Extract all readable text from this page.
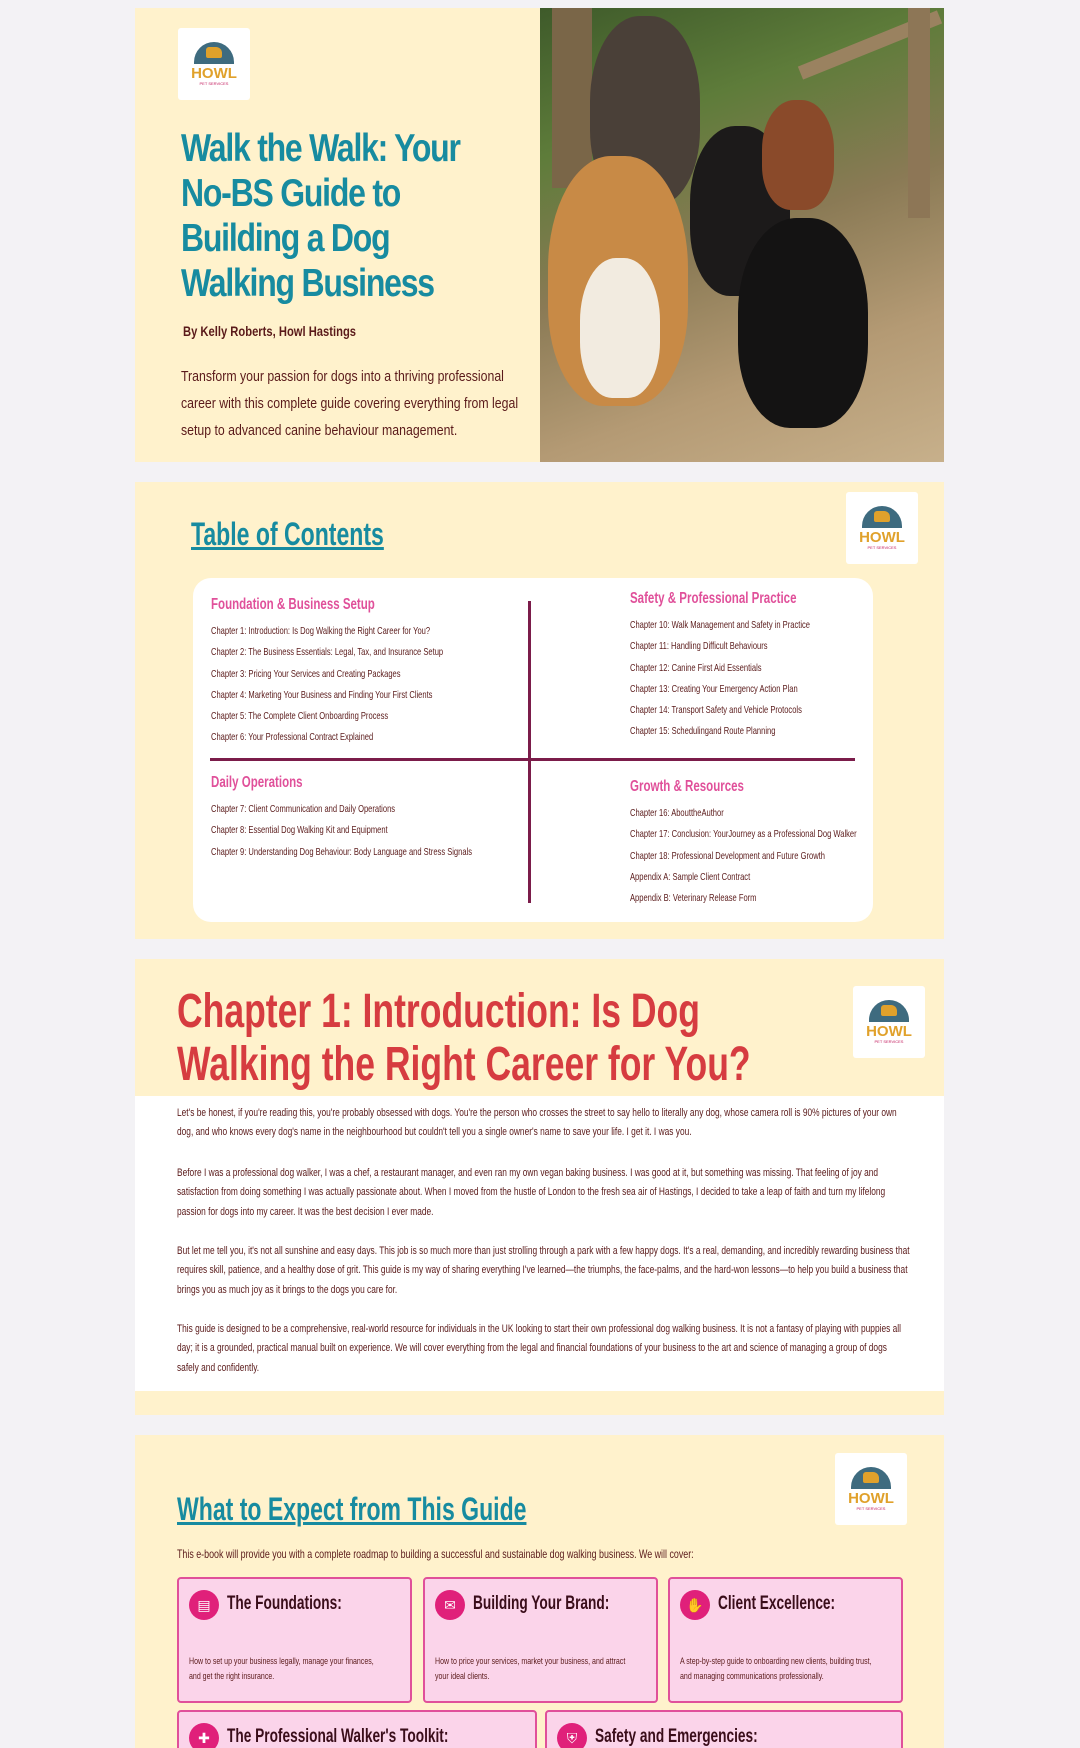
HOWL
PET SERVICES
Walk the Walk: Your No-BS Guide to Building a Dog Walking Business
By Kelly Roberts, Howl Hastings

Transform your passion for dogs into a thriving professional career with this complete guide covering everything from legal setup to advanced canine behaviour management.

Table of Contents	HOWL
PET SERVICES
Foundation & Business Setup
Chapter 1: Introduction: Is Dog Walking the Right Career for You?
Chapter 2: The Business Essentials: Legal, Tax, and Insurance Setup
Chapter 3: Pricing Your Services and Creating Packages
Chapter 4: Marketing Your Business and Finding Your First Clients
Chapter 5: The Complete Client Onboarding Process
Chapter 6: Your Professional Contract Explained
Safety & Professional Practice
Chapter 10: Walk Management and Safety in Practice
Chapter 11: Handling Difficult Behaviours
Chapter 12: Canine First Aid Essentials
Chapter 13: Creating Your Emergency Action Plan
Chapter 14: Transport Safety and Vehicle Protocols
Chapter 15: Schedulingand Route Planning
Daily Operations
Chapter 7: Client Communication and Daily Operations
Chapter 8: Essential Dog Walking Kit and Equipment
Chapter 9: Understanding Dog Behaviour: Body Language and Stress Signals
Growth & Resources
Chapter 16: AbouttheAuthor
Chapter 17: Conclusion: YourJourney as a Professional Dog Walker
Chapter 18: Professional Development and Future Growth
Appendix A: Sample Client Contract
Appendix B: Veterinary Release Form
Chapter 1: Introduction: Is Dog Walking the Right Career for You?
HOWL
PET SERVICES

Let's be honest, if you're reading this, you're probably obsessed with dogs. You're the person who crosses the street to say hello to literally any dog, whose camera roll is 90% pictures of your own dog, and who knows every dog's name in the neighbourhood but couldn't tell you a single owner's name to save your life. I get it. I was you.

Before I was a professional dog walker, I was a chef, a restaurant manager, and even ran my own vegan baking business. I was good at it, but something was missing. That feeling of joy and satisfaction from doing something I was actually passionate about. When I moved from the hustle of London to the fresh sea air of Hastings, I decided to take a leap of faith and turn my lifelong passion for dogs into my career. It was the best decision I ever made.

But let me tell you, it's not all sunshine and easy days. This job is so much more than just strolling through a park with a few happy dogs. It's a real, demanding, and incredibly rewarding business that requires skill, patience, and a healthy dose of grit. This guide is my way of sharing everything I've learned—the triumphs, the face-palms, and the hard-won lessons—to help you build a business that brings you as much joy as it brings to the dogs you care for.

This guide is designed to be a comprehensive, real-world resource for individuals in the UK looking to start their own professional dog walking business. It is not a fantasy of playing with puppies all day; it is a grounded, practical manual built on experience. We will cover everything from the legal and financial foundations of your business to the art and science of managing a group of dogs safely and confidently.

What to Expect from This Guide	HOWL
PET SERVICES

This e-book will provide you with a complete roadmap to building a successful and sustainable dog walking business. We will cover:

▤ The Foundations:
How to set up your business legally, manage your finances, and get the right insurance.
✉ Building Your Brand:
How to price your services, market your business, and attract your ideal clients.
✋ Client Excellence:
A step-by-step guide to onboarding new clients, building trust, and managing communications professionally.
✚ The Professional Walker's Toolkit:	⛨ Safety and Emergencies:
